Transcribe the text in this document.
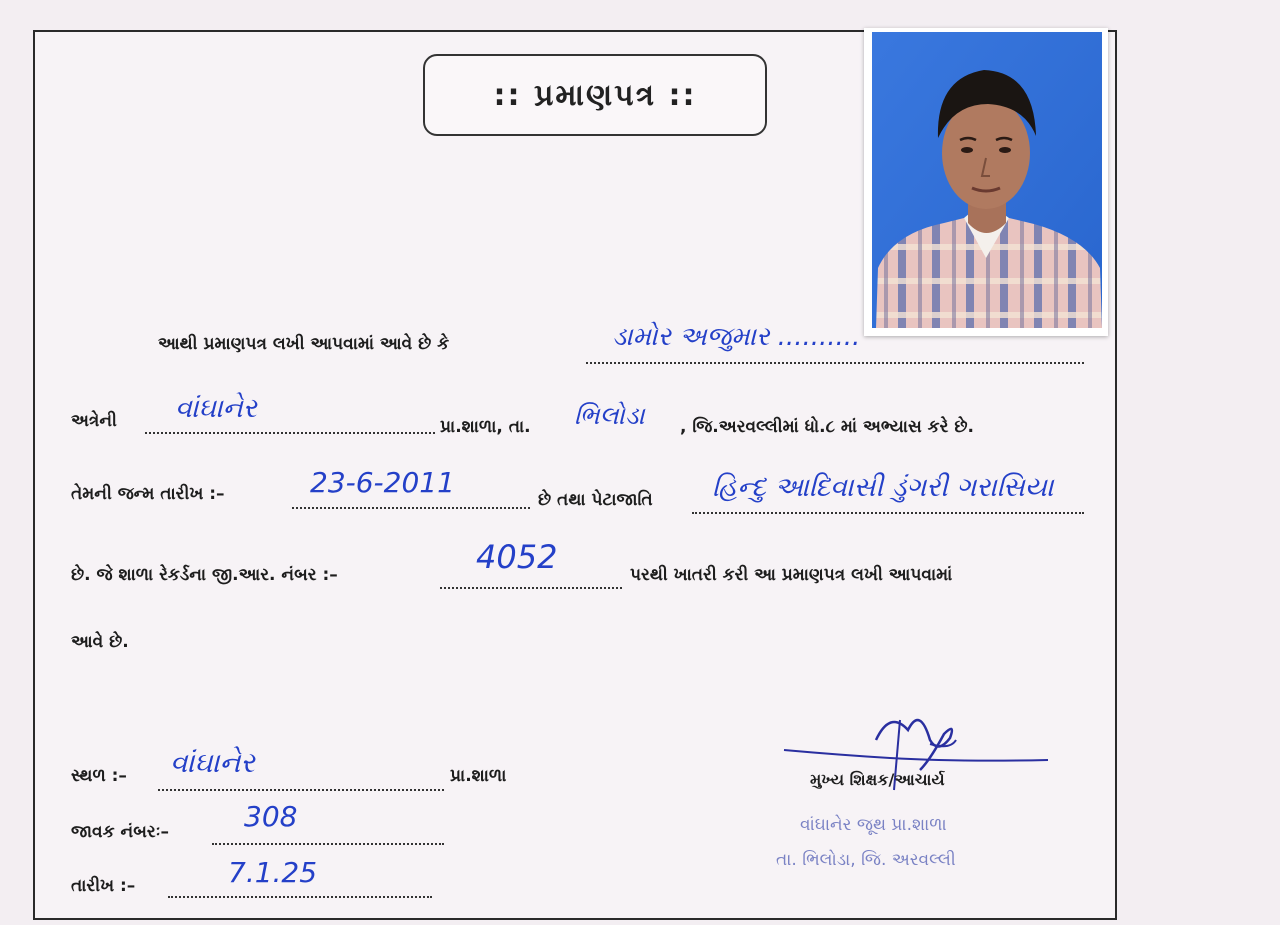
:: પ્રમાણપત્ર ::
આથી પ્રમાણપત્ર લખી આપવામાં આવે છે કે	ડામોર અજુમાર ..........
અત્રેની વાંઘાનેર
પ્રા.શાળા, તા. ભિલોડા , જિ.અરવલ્લીમાં ધો.૮ માં અભ્યાસ કરે છે.
તેમની જન્મ તારીખ :–	23-6-2011
છે તથા પેટાજાતિ હિન્દુ આદિવાસી ડુંગરી ગરાસિયા
છે. જે શાળા રેકર્ડના જી.આર. નંબર :–	4052	પરથી ખાતરી કરી આ પ્રમાણપત્ર લખી આપવામાં
આવે છે.
સ્થળ :– વાંઘાનેર	પ્રા.શાળા
જાવક નંબરઃ–	308
તારીખ :–	7.1.25
મુખ્ય શિક્ષક/આચાર્ય
વાંઘાનેર જૂથ પ્રા.શાળા
તા. ભિલોડા, જિ. અરવલ્લી
